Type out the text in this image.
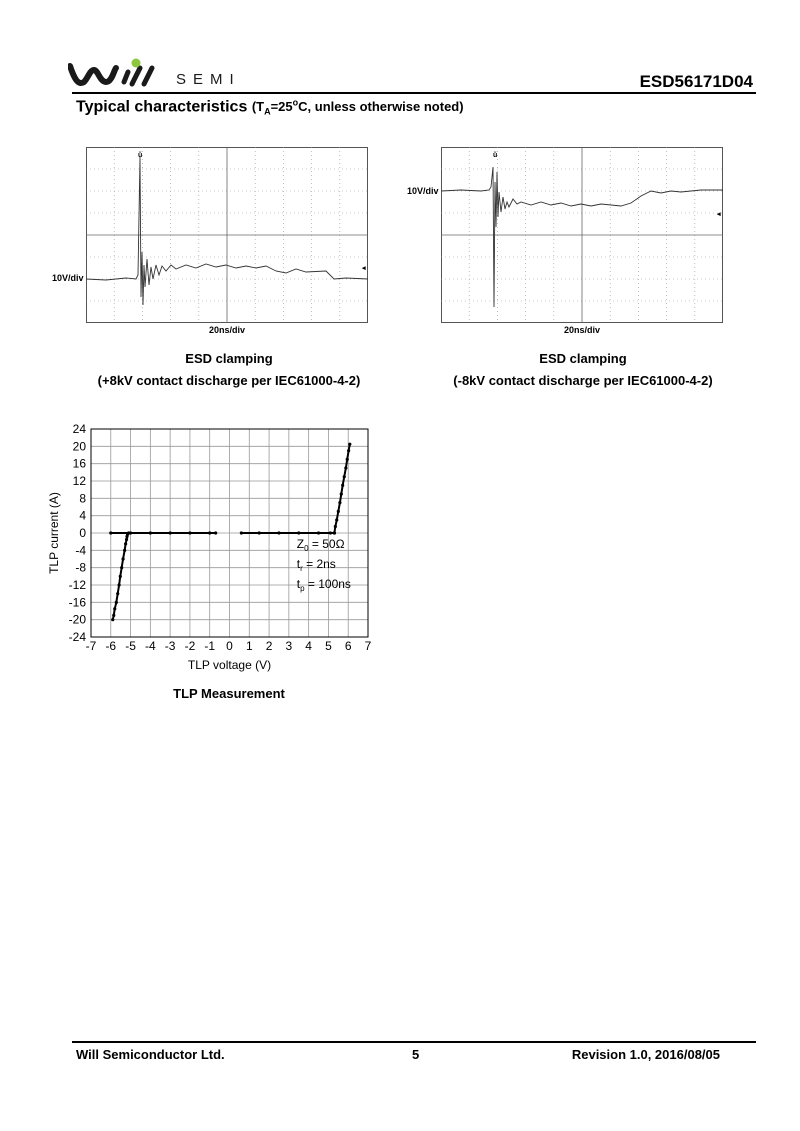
SEMI	ESD56171D04
Typical characteristics ($T_A=25^oC$, unless otherwise noted)
ǔ
◂
10V/div
20ns/div
ESD clamping
(+8kV contact discharge per IEC61000-4-2)
ǔ
◂
10V/div
20ns/div
ESD clamping
(-8kV contact discharge per IEC61000-4-2)
-7 -6 -5 -4 -3 -2 -1 0 1 2 3 4 5 6 7
-24
-20
-16
-12
-8
-4
0
4
8
12
16
20
24
TLP voltage (V)
TLP current (A)	$Z_0 = 50\Omega$
$t_r = 2ns$
$t_p = 100ns$
TLP Measurement
Will Semiconductor Ltd.	5	Revision 1.0, 2016/08/05
